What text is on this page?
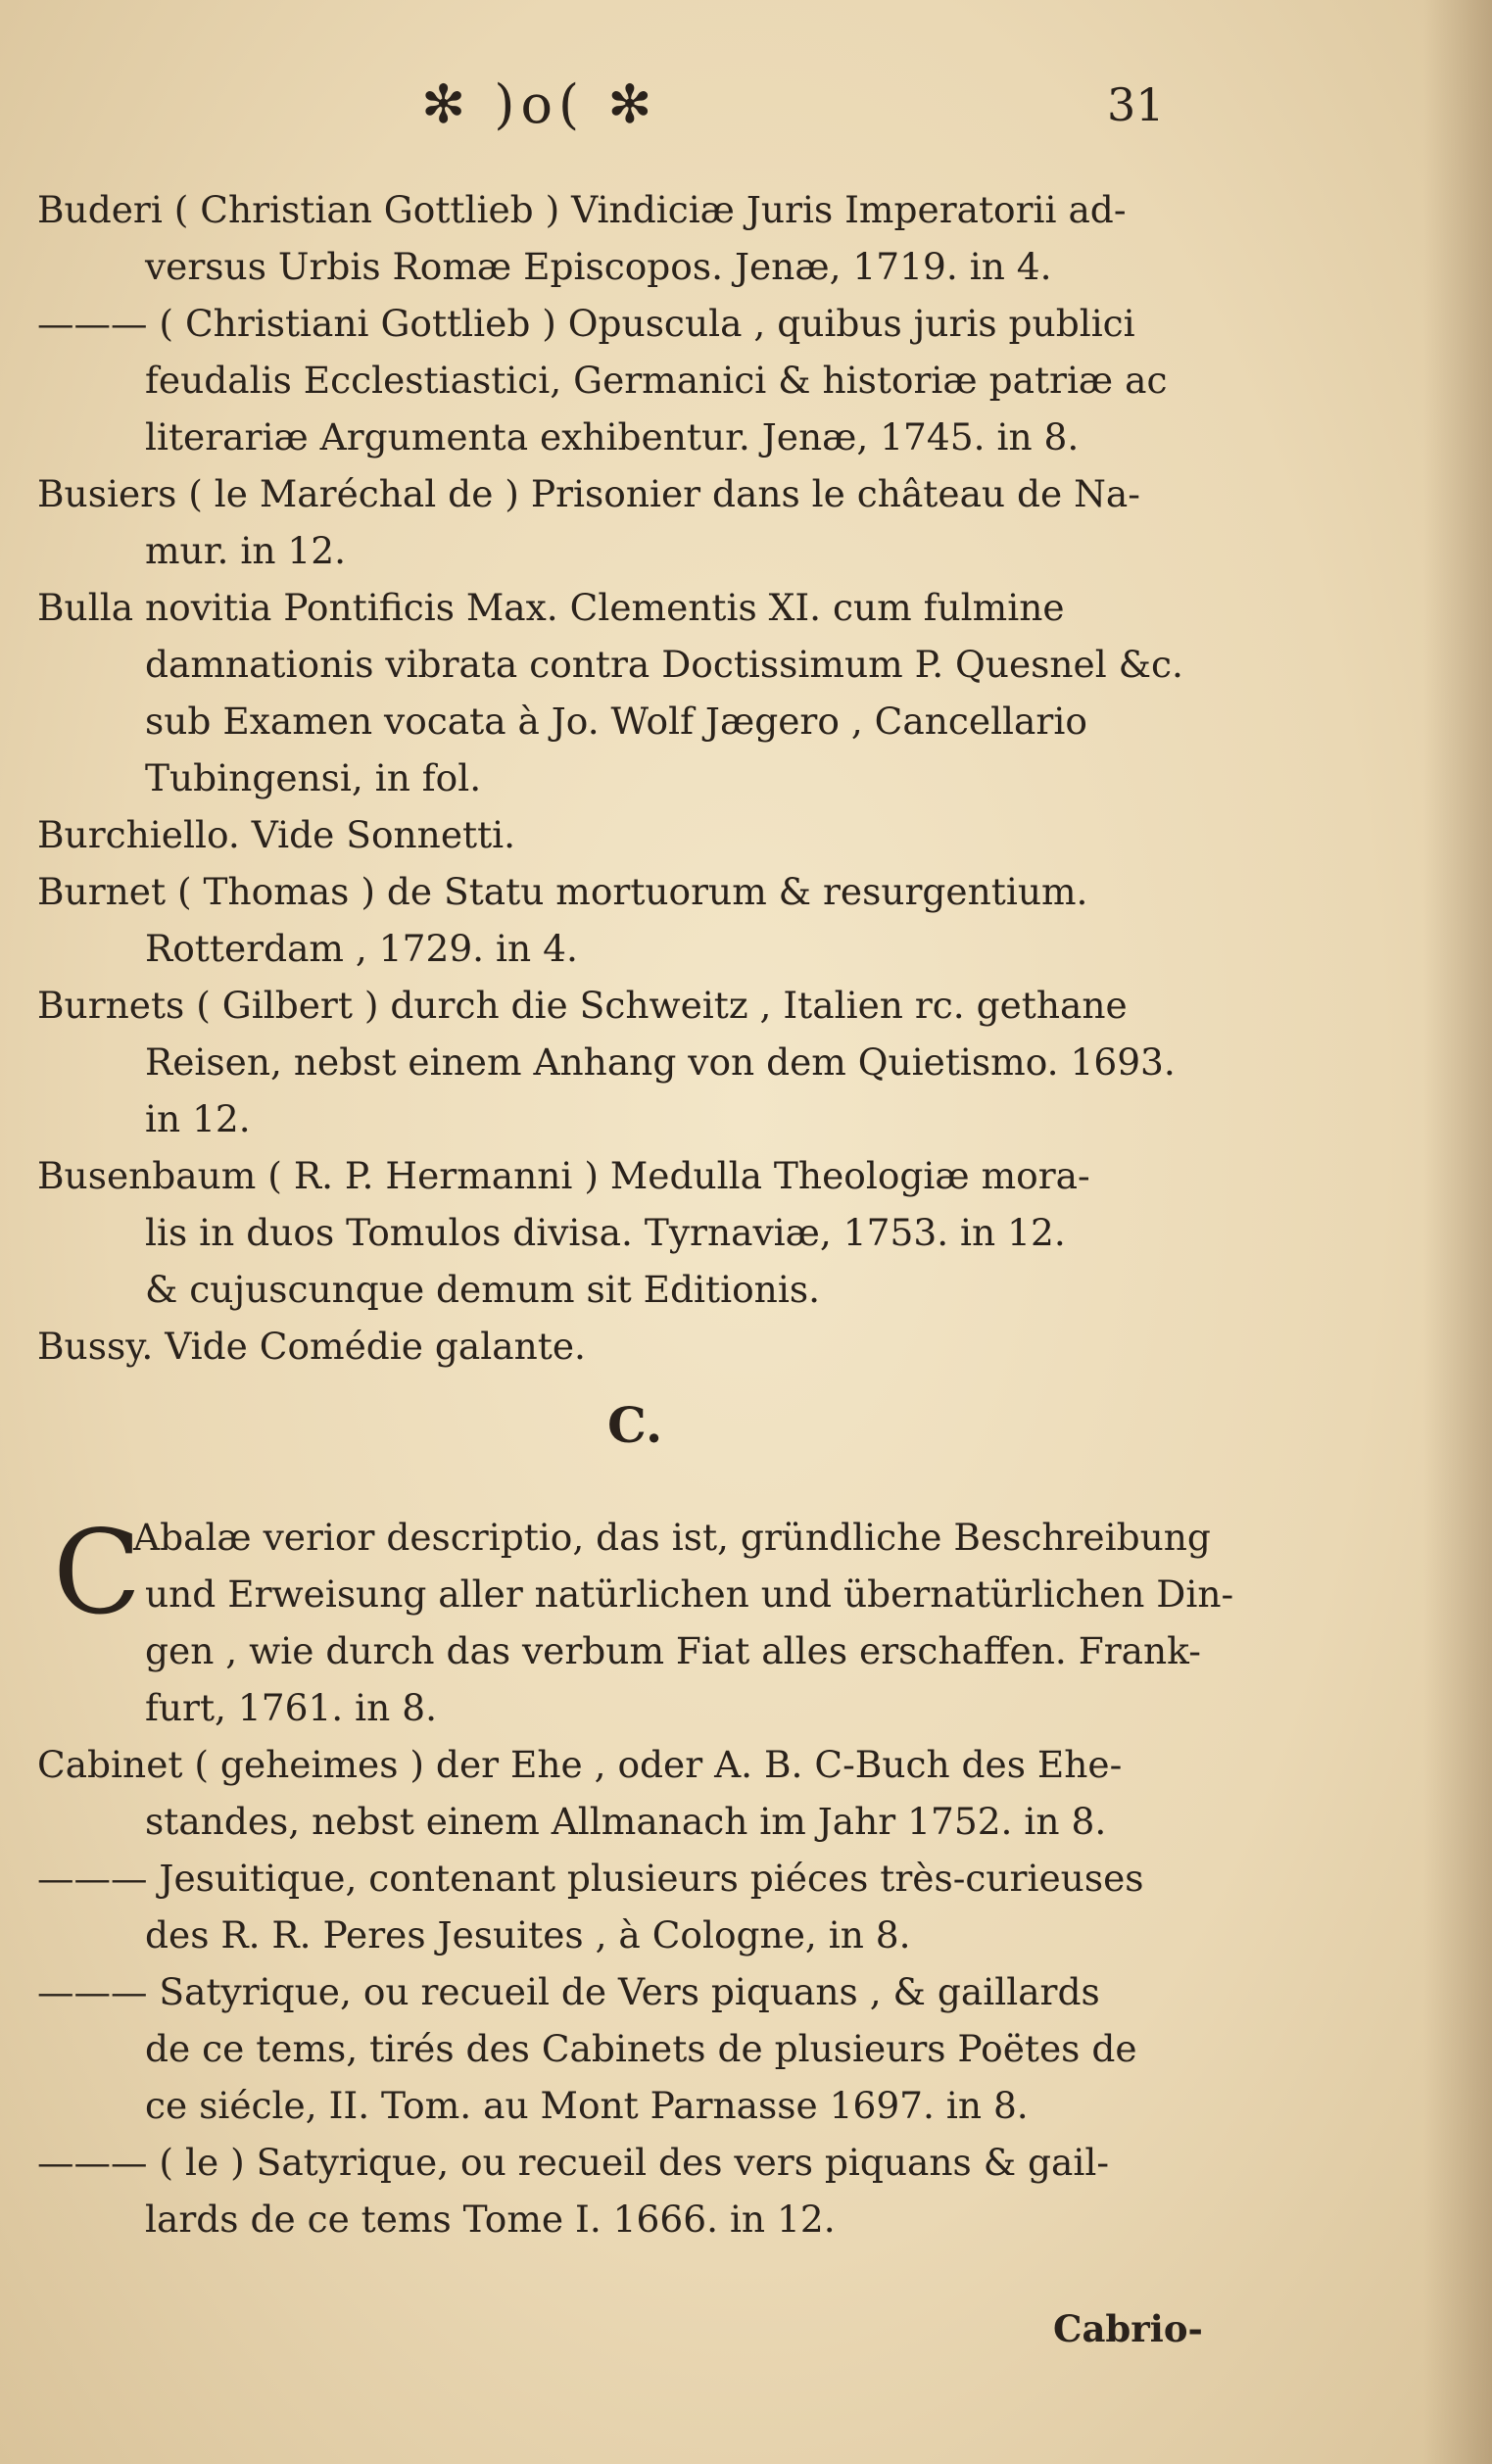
✻ )o( ✻	31
Buderi ( Christian Gottlieb ) Vindiciæ Juris Imperatorii ad-
versus Urbis Romæ Episcopos. Jenæ, 1719. in 4.
——— ( Christiani Gottlieb ) Opuscula , quibus juris publici
feudalis Ecclestiastici, Germanici & historiæ patriæ ac
literariæ Argumenta exhibentur. Jenæ, 1745. in 8.
Busiers ( le Maréchal de ) Prisonier dans le château de Na-
mur. in 12.
Bulla novitia Pontificis Max. Clementis XI. cum fulmine
damnationis vibrata contra Doctissimum P. Quesnel &c.
sub Examen vocata à Jo. Wolf Jægero , Cancellario
Tubingensi, in fol.
Burchiello. Vide Sonnetti.
Burnet ( Thomas ) de Statu mortuorum & resurgentium.
Rotterdam , 1729. in 4.
Burnets ( Gilbert ) durch die Schweitz , Italien rc. gethane
Reisen, nebst einem Anhang von dem Quietismo. 1693.
in 12.
Busenbaum ( R. P. Hermanni ) Medulla Theologiæ mora-
lis in duos Tomulos divisa. Tyrnaviæ, 1753. in 12.
& cujuscunque demum sit Editionis.
Bussy. Vide Comédie galante.
C.
C
Abalæ verior descriptio, das ist, gründliche Beschreibung
und Erweisung aller natürlichen und übernatürlichen Din-
gen , wie durch das verbum Fiat alles erschaffen. Frank-
furt, 1761. in 8.
Cabinet ( geheimes ) der Ehe , oder A. B. C-Buch des Ehe-
standes, nebst einem Allmanach im Jahr 1752. in 8.
——— Jesuitique, contenant plusieurs piéces très-curieuses
des R. R. Peres Jesuites , à Cologne, in 8.
——— Satyrique, ou recueil de Vers piquans , & gaillards
de ce tems, tirés des Cabinets de plusieurs Poëtes de
ce siécle, II. Tom. au Mont Parnasse 1697. in 8.
——— ( le ) Satyrique, ou recueil des vers piquans & gail-
lards de ce tems Tome I. 1666. in 12.
Cabrio-
